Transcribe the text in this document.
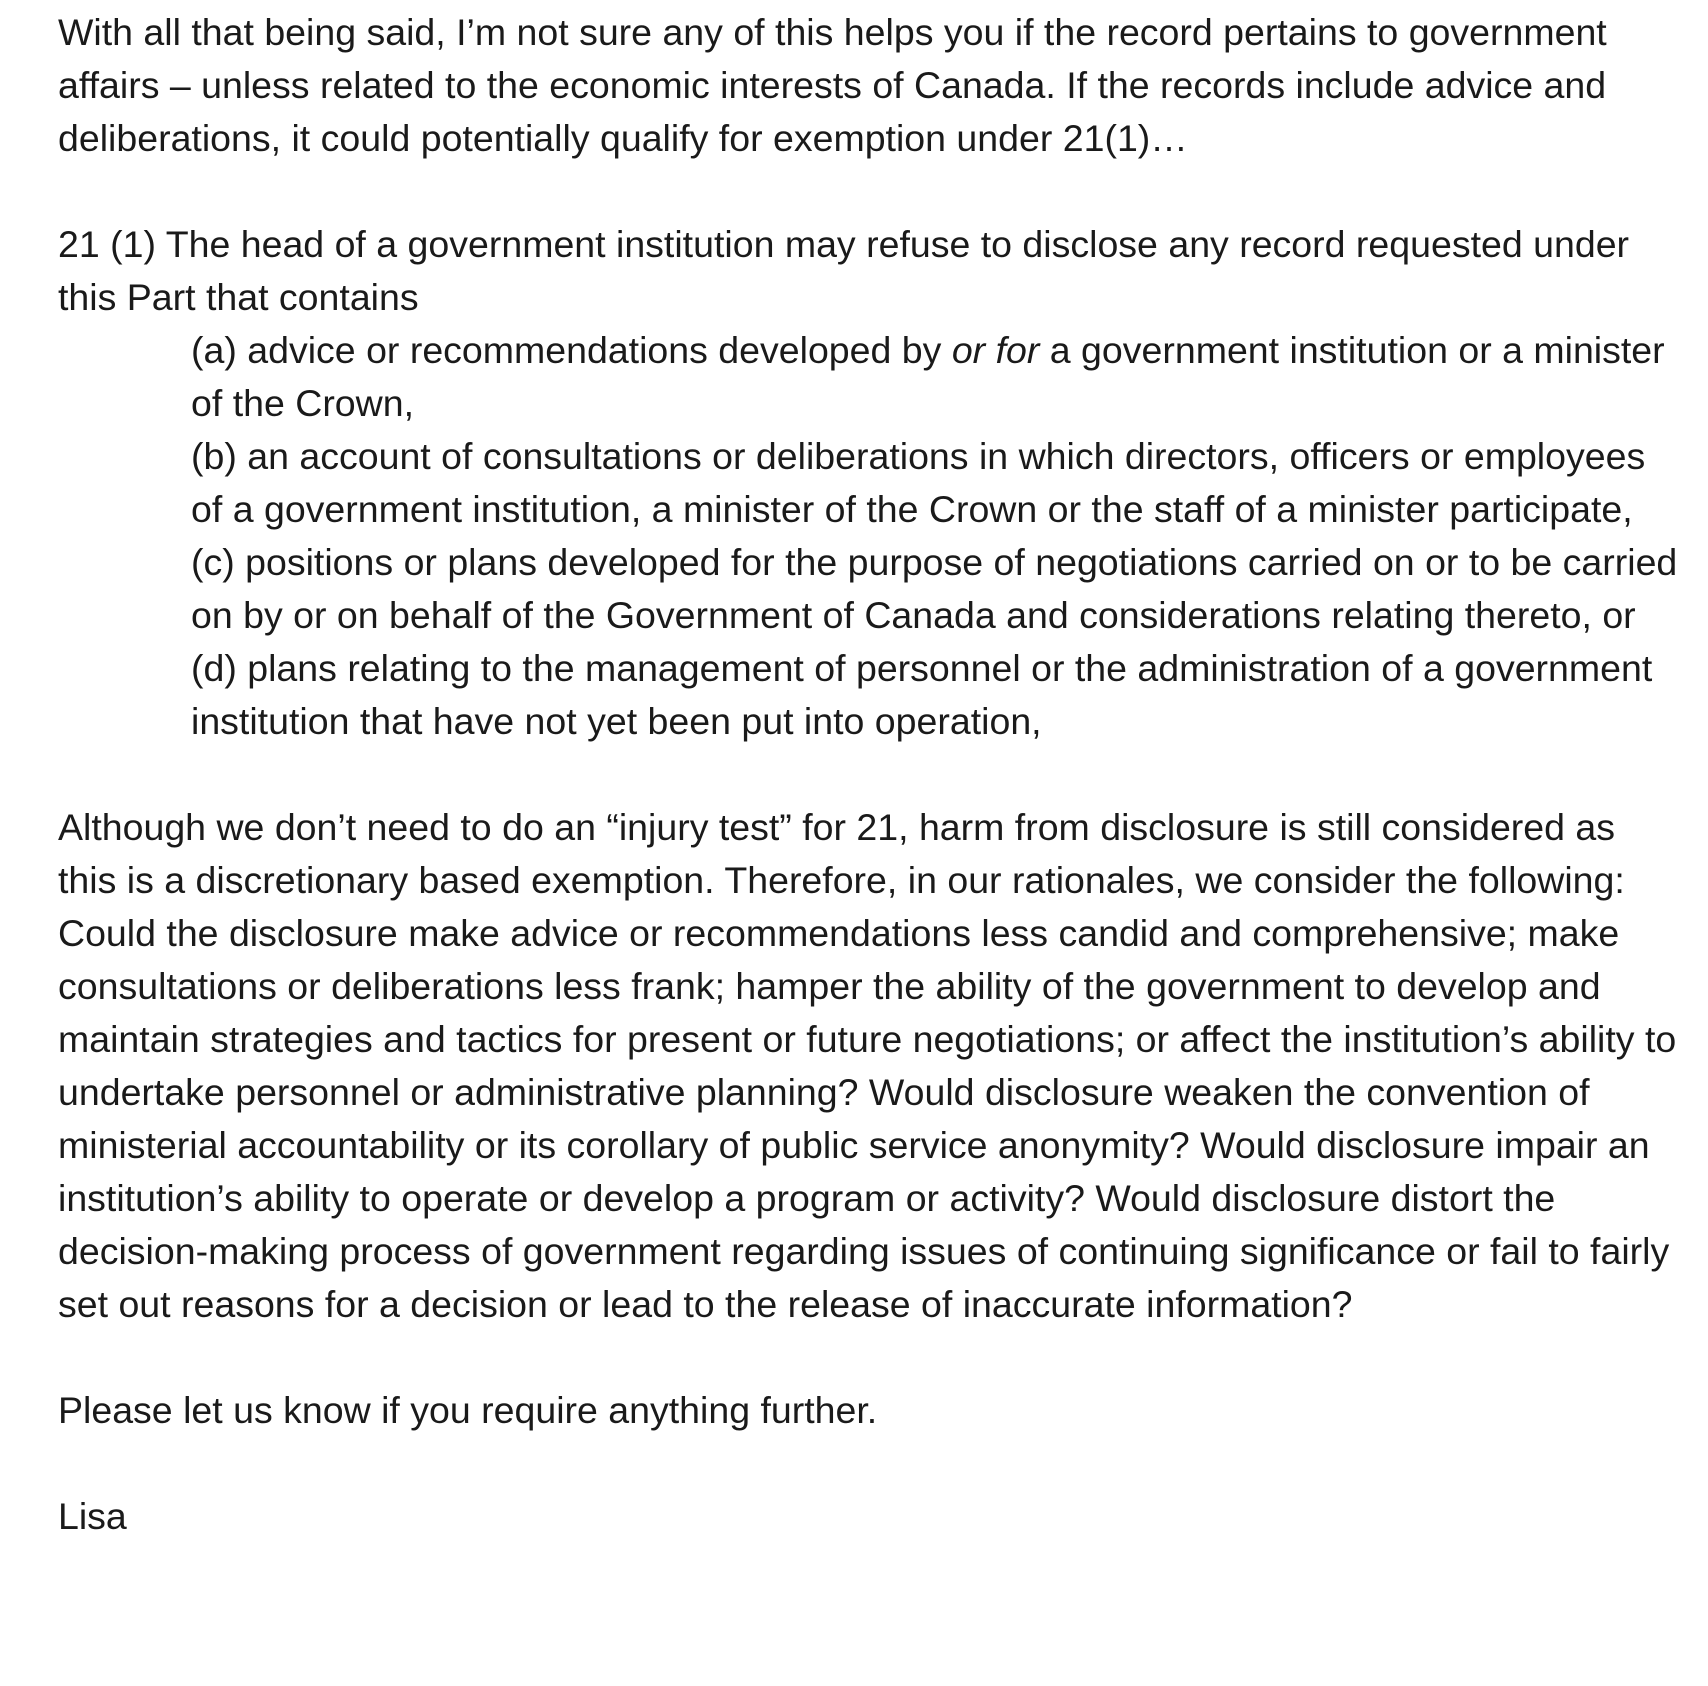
With all that being said, I’m not sure any of this helps you if the record pertains to government affairs – unless related to the economic interests of Canada. If the records include advice and deliberations, it could potentially qualify for exemption under 21(1)…

21 (1) The head of a government institution may refuse to disclose any record requested under this Part that contains

(a) advice or recommendations developed by or for a government institution or a minister of the Crown,

(b) an account of consultations or deliberations in which directors, officers or employees of a government institution, a minister of the Crown or the staff of a minister participate,

(c) positions or plans developed for the purpose of negotiations carried on or to be carried on by or on behalf of the Government of Canada and considerations relating thereto, or

(d) plans relating to the management of personnel or the administration of a government institution that have not yet been put into operation,

Although we don’t need to do an “injury test” for 21, harm from disclosure is still considered as this is a discretionary based exemption. Therefore, in our rationales, we consider the following: Could the disclosure make advice or recommendations less candid and comprehensive; make consultations or deliberations less frank; hamper the ability of the government to develop and maintain strategies and tactics for present or future negotiations; or affect the institution’s ability to undertake personnel or administrative planning? Would disclosure weaken the convention of ministerial accountability or its corollary of public service anonymity? Would disclosure impair an institution’s ability to operate or develop a program or activity? Would disclosure distort the decision-making process of government regarding issues of continuing significance or fail to fairly set out reasons for a decision or lead to the release of inaccurate information?

Please let us know if you require anything further.

Lisa
